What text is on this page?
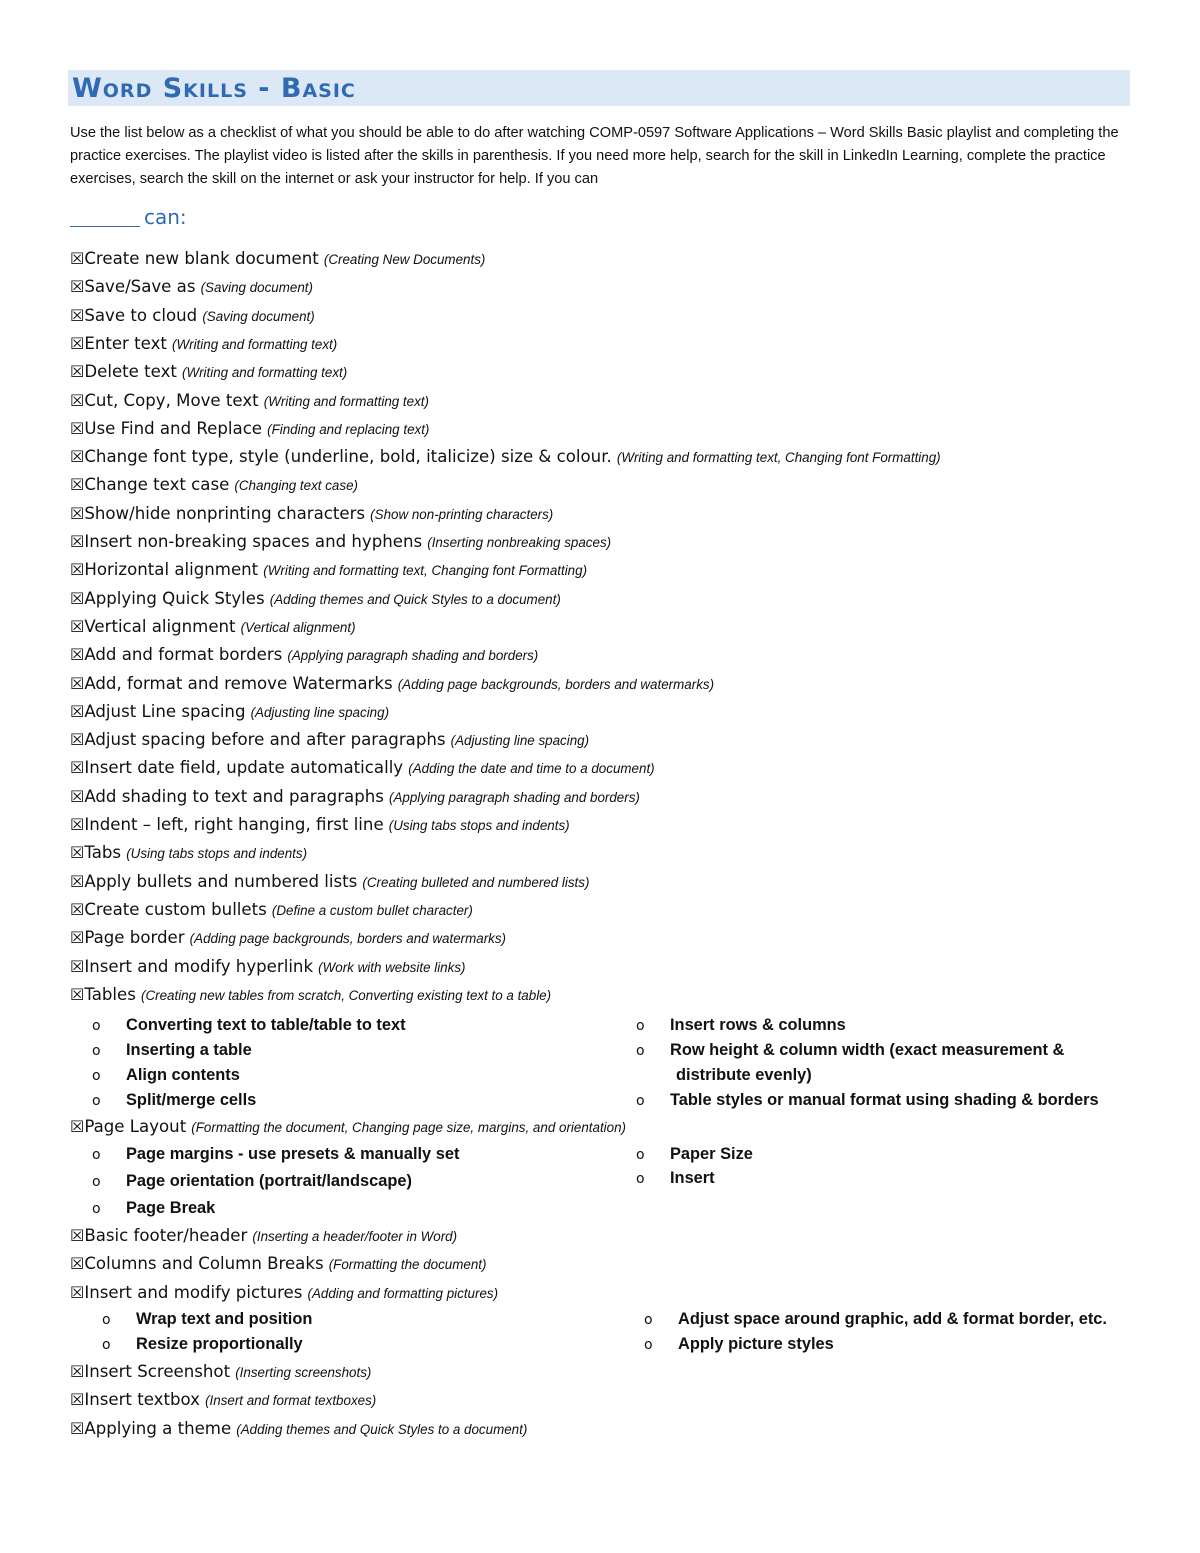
Word Skills - Basic

Use the list below as a checklist of what you should be able to do after watching COMP-0597 Software Applications – Word Skills Basic playlist and completing the practice exercises. The playlist video is listed after the skills in parenthesis. If you need more help, search for the skill in LinkedIn Learning, complete the practice exercises, search the skill on the internet or ask your instructor for help. If you can

can:
☒Create new blank document (Creating New Documents)
☒Save/Save as (Saving document)
☒Save to cloud (Saving document)
☒Enter text (Writing and formatting text)
☒Delete text (Writing and formatting text)
☒Cut, Copy, Move text (Writing and formatting text)
☒Use Find and Replace (Finding and replacing text)
☒Change font type, style (underline, bold, italicize) size & colour. (Writing and formatting text, Changing font Formatting)
☒Change text case (Changing text case)
☒Show/hide nonprinting characters (Show non-printing characters)
☒Insert non-breaking spaces and hyphens (Inserting nonbreaking spaces)
☒Horizontal alignment (Writing and formatting text, Changing font Formatting)
☒Applying Quick Styles (Adding themes and Quick Styles to a document)
☒Vertical alignment (Vertical alignment)
☒Add and format borders (Applying paragraph shading and borders)
☒Add, format and remove Watermarks (Adding page backgrounds, borders and watermarks)
☒Adjust Line spacing (Adjusting line spacing)
☒Adjust spacing before and after paragraphs (Adjusting line spacing)
☒Insert date field, update automatically (Adding the date and time to a document)
☒Add shading to text and paragraphs (Applying paragraph shading and borders)
☒Indent – left, right hanging, first line (Using tabs stops and indents)
☒Tabs (Using tabs stops and indents)
☒Apply bullets and numbered lists (Creating bulleted and numbered lists)
☒Create custom bullets (Define a custom bullet character)
☒Page border (Adding page backgrounds, borders and watermarks)
☒Insert and modify hyperlink (Work with website links)
☒Tables (Creating new tables from scratch, Converting existing text to a table)
o Converting text to table/table to text
o Inserting a table
o Align contents
o Split/merge cells
o Insert rows & columns
o Row height & column width (exact measurement &
distribute evenly)
o Table styles or manual format using shading & borders
☒Page Layout (Formatting the document, Changing page size, margins, and orientation)
o Page margins - use presets & manually set
o Page orientation (portrait/landscape)
o Page Break
o Paper Size
o Insert
☒Basic footer/header (Inserting a header/footer in Word)
☒Columns and Column Breaks (Formatting the document)
☒Insert and modify pictures (Adding and formatting pictures)
o Wrap text and position
o Resize proportionally
o Adjust space around graphic, add & format border, etc.
o Apply picture styles
☒Insert Screenshot (Inserting screenshots)
☒Insert textbox (Insert and format textboxes)
☒Applying a theme (Adding themes and Quick Styles to a document)
